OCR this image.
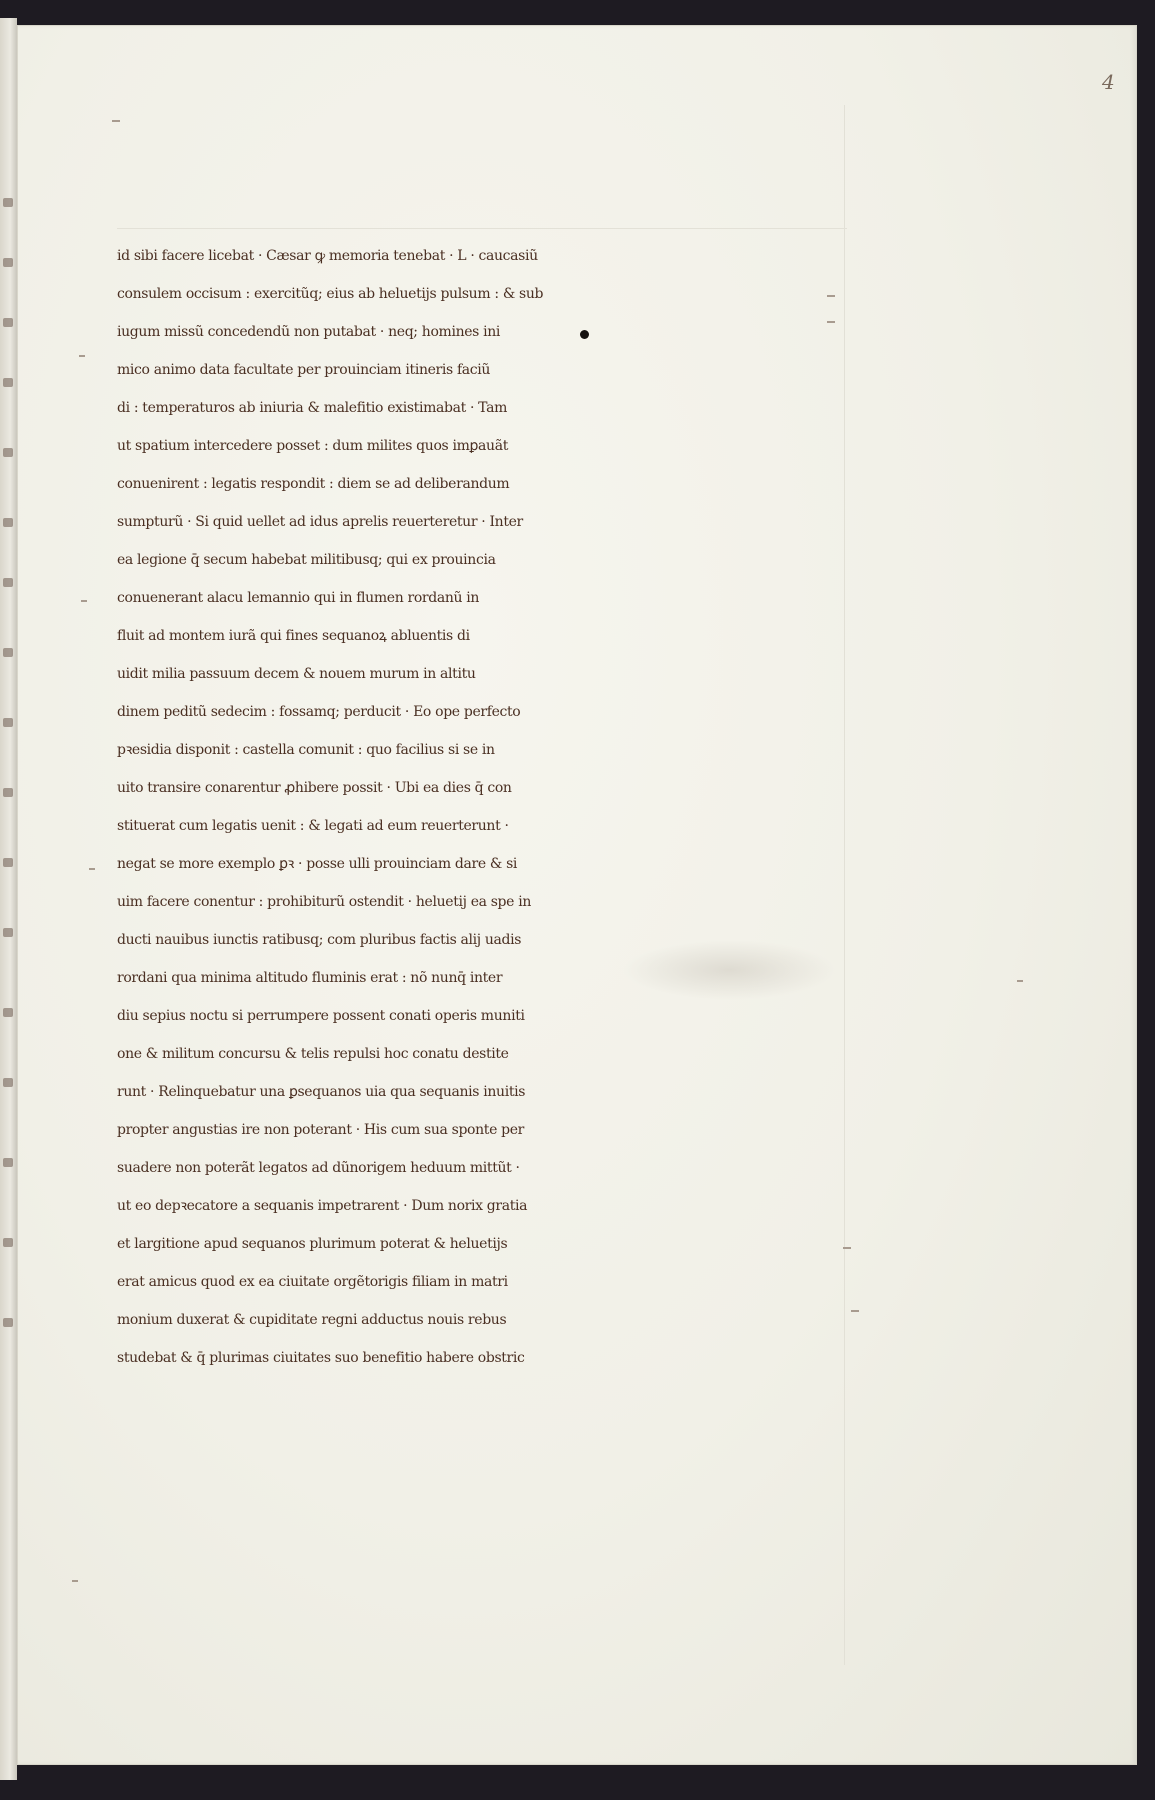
4
id sibi facere licebat · Cæsar ꝙ memoria tenebat · L · caucasiũ
consulem occisum : exercitũq; eius ab heluetijs pulsum : & sub
iugum missũ concedendũ non putabat · neq; homines ini
mico animo data facultate per prouinciam itineris faciũ
di : temperaturos ab iniuria & malefitio existimabat · Tam
ut spatium intercedere posset : dum milites quos imꝑauãt
conuenirent : legatis respondit : diem se ad deliberandum
sumpturũ · Si quid uellet ad idus aprelis reuerteretur · Inter
ea legione q̄ secum habebat militibusq; qui ex prouincia
conuenerant alacu lemannio qui in flumen rordanũ in
fluit ad montem iurã qui fines sequanoꝝ abluentis di
uidit milia passuum decem & nouem murum in altitu
dinem peditũ sedecim : fossamq; perducit · Eo ope perfecto
pꝛesidia disponit : castella comunit : quo facilius si se in
uito transire conarentur ꝓhibere possit · Ubi ea dies q̄ con
stituerat cum legatis uenit : & legati ad eum reuerterunt ·
negat se more exemplo ꝑꝛ · posse ulli prouinciam dare & si
uim facere conentur : prohibiturũ ostendit · heluetij ea spe in
ducti nauibus iunctis ratibusq; com pluribus factis alij uadis
rordani qua minima altitudo fluminis erat : nõ nunq̄ inter
diu sepius noctu si perrumpere possent conati operis muniti
one & militum concursu & telis repulsi hoc conatu destite
runt · Relinquebatur una ꝑsequanos uia qua sequanis inuitis
propter angustias ire non poterant · His cum sua sponte per
suadere non poterãt legatos ad dũnorigem heduum mittũt ·
ut eo depꝛecatore a sequanis impetrarent · Dum norix gratia
et largitione apud sequanos plurimum poterat & heluetijs
erat amicus quod ex ea ciuitate orgẽtorigis filiam in matri
monium duxerat & cupiditate regni adductus nouis rebus
studebat & q̄ plurimas ciuitates suo benefitio habere obstric
